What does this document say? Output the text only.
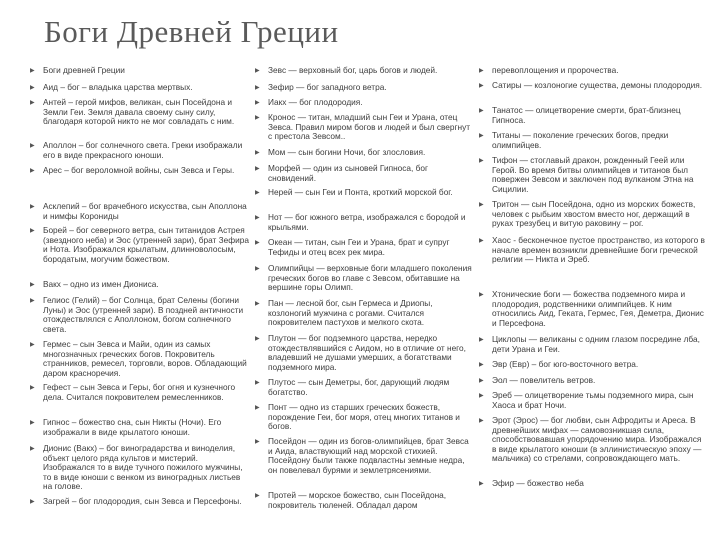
Боги Древней Греции
▶ Боги древней Греции
▶ Аид – бог – владыка царства мертвых.
▶ Антей – герой мифов, великан, сын Посейдона и Земли Геи. Земля давала своему сыну силу, благодаря которой никто не мог совладать с ним.
▶ Аполлон – бог солнечного света. Греки изображали его в виде прекрасного юноши.
▶ Арес – бог вероломной войны, сын Зевса и Геры.
▶ Асклепий – бог врачебного искусства, сын Аполлона и нимфы Корониды
▶ Борей – бог северного ветра, сын титанидов Астрея (звездного неба) и Эос (утренней зари), брат Зефира и Нота. Изображался крылатым, длинноволосым, бородатым, могучим божеством.
▶ Вакх – одно из имен Диониса.
▶ Гелиос (Гелий) – бог Солнца, брат Селены (богини Луны) и Эос (утренней зари). В поздней античности отождествлялся с Аполлоном, богом солнечного света.
▶ Гермес – сын Зевса и Майи, один из самых многозначных греческих богов. Покровитель странников, ремесел, торговли, воров. Обладающий даром красноречия.
▶ Гефест – сын Зевса и Геры, бог огня и кузнечного дела. Считался покровителем ремесленников.
▶ Гипнос – божество сна, сын Никты (Ночи). Его изображали в виде крылатого юноши.
▶ Дионис (Вакх) – бог виноградарства и виноделия, объект целого ряда культов и мистерий. Изображался то в виде тучного пожилого мужчины, то в виде юноши с венком из виноградных листьев на голове.
▶ Загрей – бог плодородия, сын Зевса и Персефоны.
▶ Зевс — верховный бог, царь богов и людей.
▶ Зефир — бог западного ветра.
▶ Иакх — бог плодородия.
▶ Кронос — титан, младший сын Геи и Урана, отец Зевса. Правил миром богов и людей и был свергнут с престола Зевсом..
▶ Мом — сын богини Ночи, бог злословия.
▶ Морфей — один из сыновей Гипноса, бог сновидений.
▶ Нерей — сын Геи и Понта, кроткий морской бог.
▶ Нот — бог южного ветра, изображался с бородой и крыльями.
▶ Океан — титан, сын Геи и Урана, брат и супруг Тефиды и отец всех рек мира.
▶ Олимпийцы — верховные боги младшего поколения греческих богов во главе с Зевсом, обитавшие на вершине горы Олимп.
▶ Пан — лесной бог, сын Гермеса и Дриопы, козлоногий мужчина с рогами. Считался покровителем пастухов и мелкого скота.
▶ Плутон — бог подземного царства, нередко отождествлявшийся с Аидом, но в отличие от него, владевший не душами умерших, а богатствами подземного мира.
▶ Плутос — сын Деметры, бог, дарующий людям богатство.
▶ Понт — одно из старших греческих божеств, порождение Геи, бог моря, отец многих титанов и богов.
▶ Посейдон — один из богов-олимпийцев, брат Зевса и Аида, властвующий над морской стихией. Посейдону были также подвластны земные недра, он повелевал бурями и землетрясениями.
▶ Протей — морское божество, сын Посейдона, покровитель тюленей. Обладал даром
▶ перевоплощения и пророчества.
▶ Сатиры — козлоногие существа, демоны плодородия.
▶ Танатос — олицетворение смерти, брат-близнец Гипноса.
▶ Титаны — поколение греческих богов, предки олимпийцев.
▶ Тифон — стоглавый дракон, рожденный Геей или Герой. Во время битвы олимпийцев и титанов был повержен Зевсом и заключен под вулканом Этна на Сицилии.
▶ Тритон — сын Посейдона, одно из морских божеств, человек с рыбьим хвостом вместо ног, держащий в руках трезубец и витую раковину – рог.
▶ Хаос - бесконечное пустое пространство, из которого в начале времен возникли древнейшие боги греческой религии — Никта и Эреб.
▶ Хтонические боги — божества подземного мира и плодородия, родственники олимпийцев. К ним относились Аид, Геката, Гермес, Гея, Деметра, Дионис и Персефона.
▶ Циклопы — великаны с одним глазом посредине лба, дети Урана и Геи.
▶ Эвр (Евр) – бог юго-восточного ветра.
▶ Эол — повелитель ветров.
▶ Эреб — олицетворение тьмы подземного мира, сын Хаоса и брат Ночи.
▶ Эрот (Эрос) — бог любви, сын Афродиты и Ареса. В древнейших мифах — самовозникшая сила, способствовавшая упорядочению мира. Изображался в виде крылатого юноши (в эллинистическую эпоху — мальчика) со стрелами, сопровождающего мать.
▶ Эфир — божество неба
